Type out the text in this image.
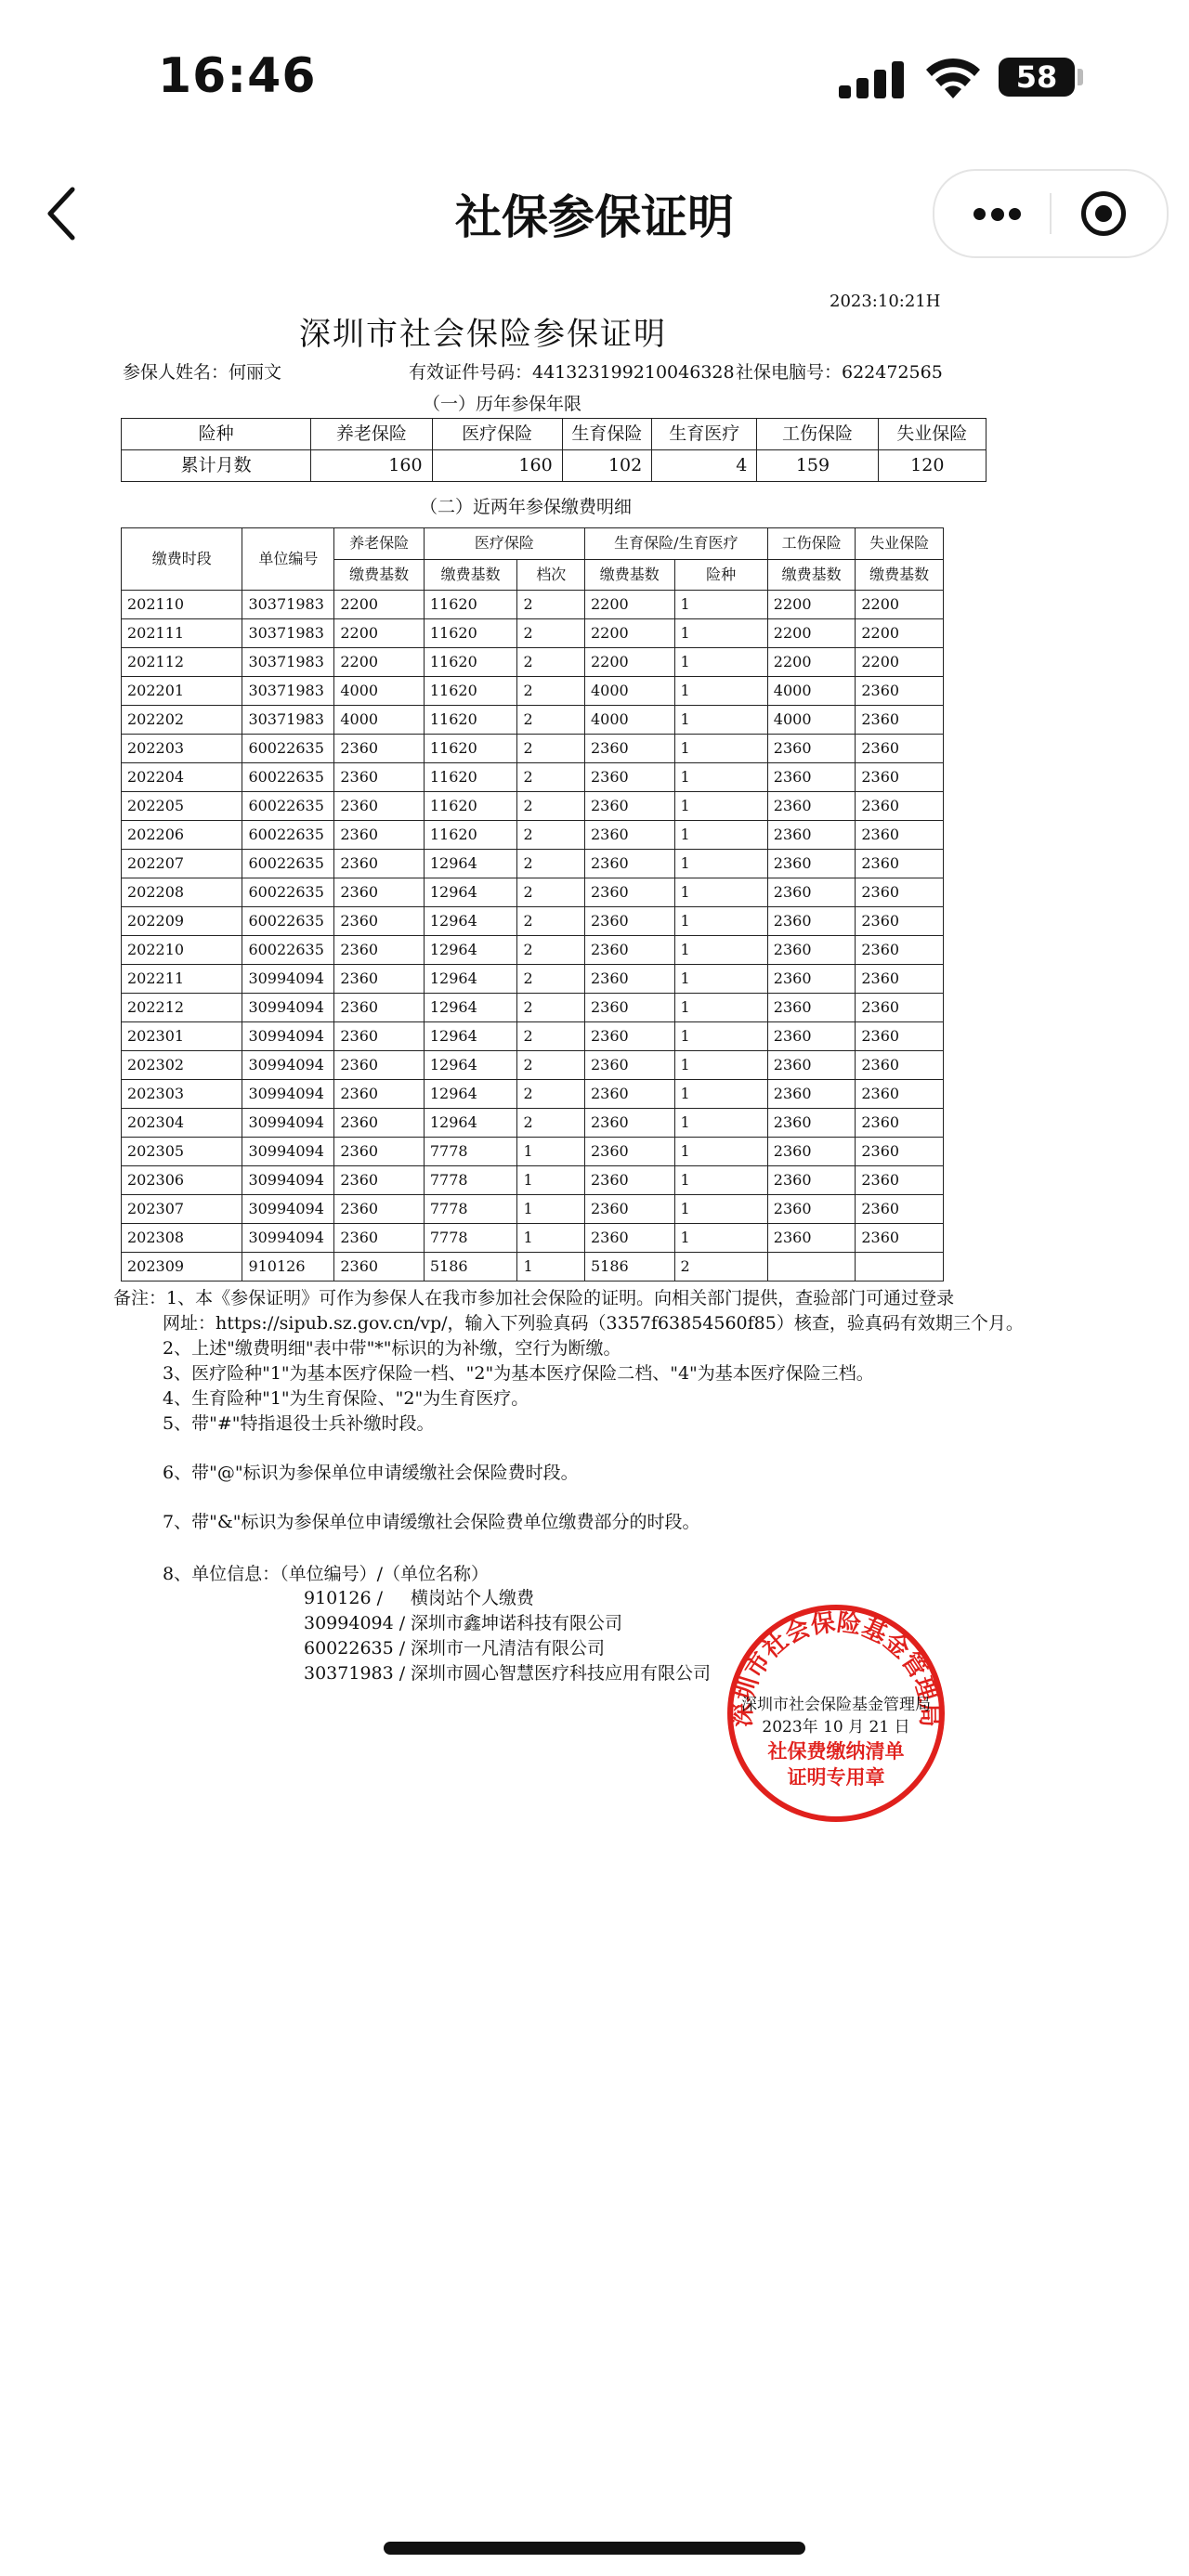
16:46	58
社保参保证明
2023:10:21H
深圳市社会保险参保证明
参保人姓名：何丽文	有效证件号码：441323199210046328 社保电脑号：622472565
（一）历年参保年限
险种	养老保险	医疗保险	生育保险	生育医疗	工伤保险	失业保险
累计月数	160	160	102	4	159	120
（二）近两年参保缴费明细
缴费时段	单位编号	养老保险	医疗保险		生育保险/生育医疗		工伤保险	失业保险
		缴费基数	缴费基数	档次	缴费基数	险种	缴费基数	缴费基数
202110	30371983	2200	11620	2	2200	1	2200	2200
202111	30371983	2200	11620	2	2200	1	2200	2200
202112	30371983	2200	11620	2	2200	1	2200	2200
202201	30371983	4000	11620	2	4000	1	4000	2360
202202	30371983	4000	11620	2	4000	1	4000	2360
202203	60022635	2360	11620	2	2360	1	2360	2360
202204	60022635	2360	11620	2	2360	1	2360	2360
202205	60022635	2360	11620	2	2360	1	2360	2360
202206	60022635	2360	11620	2	2360	1	2360	2360
202207	60022635	2360	12964	2	2360	1	2360	2360
202208	60022635	2360	12964	2	2360	1	2360	2360
202209	60022635	2360	12964	2	2360	1	2360	2360
202210	60022635	2360	12964	2	2360	1	2360	2360
202211	30994094	2360	12964	2	2360	1	2360	2360
202212	30994094	2360	12964	2	2360	1	2360	2360
202301	30994094	2360	12964	2	2360	1	2360	2360
202302	30994094	2360	12964	2	2360	1	2360	2360
202303	30994094	2360	12964	2	2360	1	2360	2360
202304	30994094	2360	12964	2	2360	1	2360	2360
202305	30994094	2360	7778	1	2360	1	2360	2360
202306	30994094	2360	7778	1	2360	1	2360	2360
202307	30994094	2360	7778	1	2360	1	2360	2360
202308	30994094	2360	7778	1	2360	1	2360	2360
202309	910126	2360	5186	1	5186	2		
备注：1、本《参保证明》可作为参保人在我市参加社会保险的证明。向相关部门提供，查验部门可通过登录
网址：https://sipub.sz.gov.cn/vp/，输入下列验真码（3357f63854560f85）核查，验真码有效期三个月。
2、上述"缴费明细"表中带"*"标识的为补缴，空行为断缴。
3、医疗险种"1"为基本医疗保险一档、"2"为基本医疗保险二档、"4"为基本医疗保险三档。
4、生育险种"1"为生育保险、"2"为生育医疗。
5、带"#"特指退役士兵补缴时段。
6、带"@"标识为参保单位申请缓缴社会保险费时段。
7、带"&"标识为参保单位申请缓缴社会保险费单位缴费部分的时段。
8、单位信息：（单位编号）/（单位名称）
910126 / 横岗站个人缴费
30994094 / 深圳市鑫坤诺科技有限公司
60022635 / 深圳市一凡清洁有限公司
30371983 / 深圳市圆心智慧医疗科技应用有限公司
深圳市社会保险基金管理局
深圳市社会保险基金管理局
2023年 10 月 21 日
社保费缴纳清单
证明专用章
